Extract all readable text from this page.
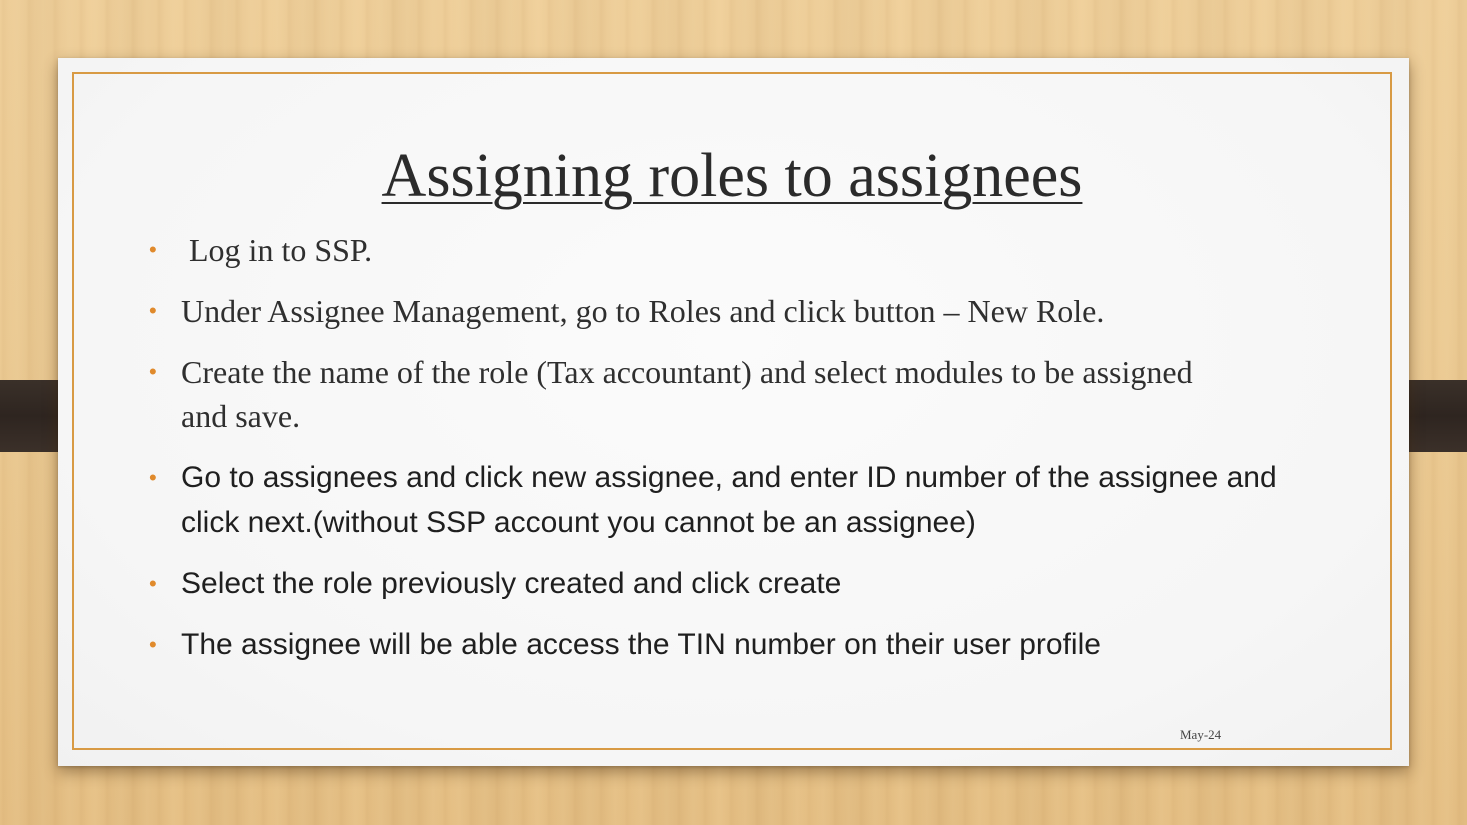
Assigning roles to assignees
• Log in to SSP.
• Under Assignee Management, go to Roles and click button – New Role.
• Create the name of the role (Tax accountant) and select modules to be assigned and save.
• Go to assignees and click new assignee, and enter ID number of the assignee and click next.(without SSP account you cannot be an assignee)
• Select the role previously created and click create
• The assignee will be able access the TIN number on their user profile
May-24
